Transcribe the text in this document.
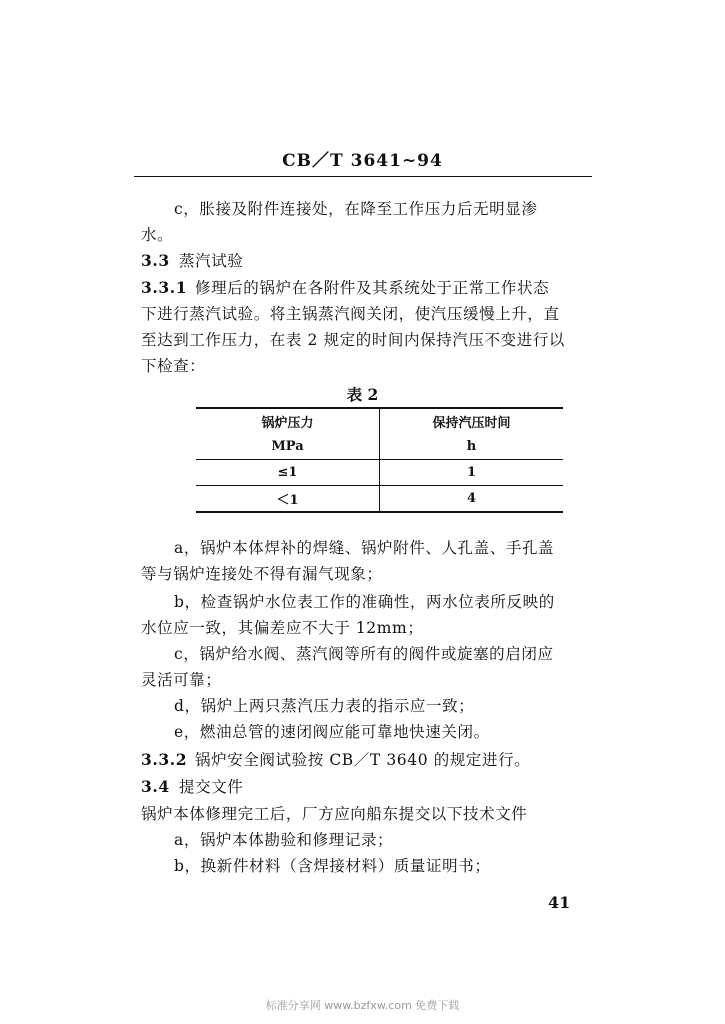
CB／T 3641~94
c，胀接及附件连接处，在降至工作压力后无明显渗
水。
3.3 蒸汽试验
3.3.1 修理后的锅炉在各附件及其系统处于正常工作状态
下进行蒸汽试验。将主锅蒸汽阀关闭，使汽压缓慢上升，直
至达到工作压力，在表 2 规定的时间内保持汽压不变进行以
下检查：
表 2
锅炉压力	保持汽压时间
MPa	h
≤1	1
＜1	4
a，锅炉本体焊补的焊缝、锅炉附件、人孔盖、手孔盖
等与锅炉连接处不得有漏气现象；
b，检查锅炉水位表工作的准确性，两水位表所反映的
水位应一致，其偏差应不大于 12mm；
c，锅炉给水阀、蒸汽阀等所有的阀件或旋塞的启闭应
灵活可靠；
d，锅炉上两只蒸汽压力表的指示应一致；
e，燃油总管的速闭阀应能可靠地快速关闭。
3.3.2 锅炉安全阀试验按 CB／T 3640 的规定进行。
3.4 提交文件
锅炉本体修理完工后，厂方应向船东提交以下技术文件
a，锅炉本体勘验和修理记录；
b，换新件材料（含焊接材料）质量证明书；
41
标准分享网 www.bzfxw.com 免费下载
